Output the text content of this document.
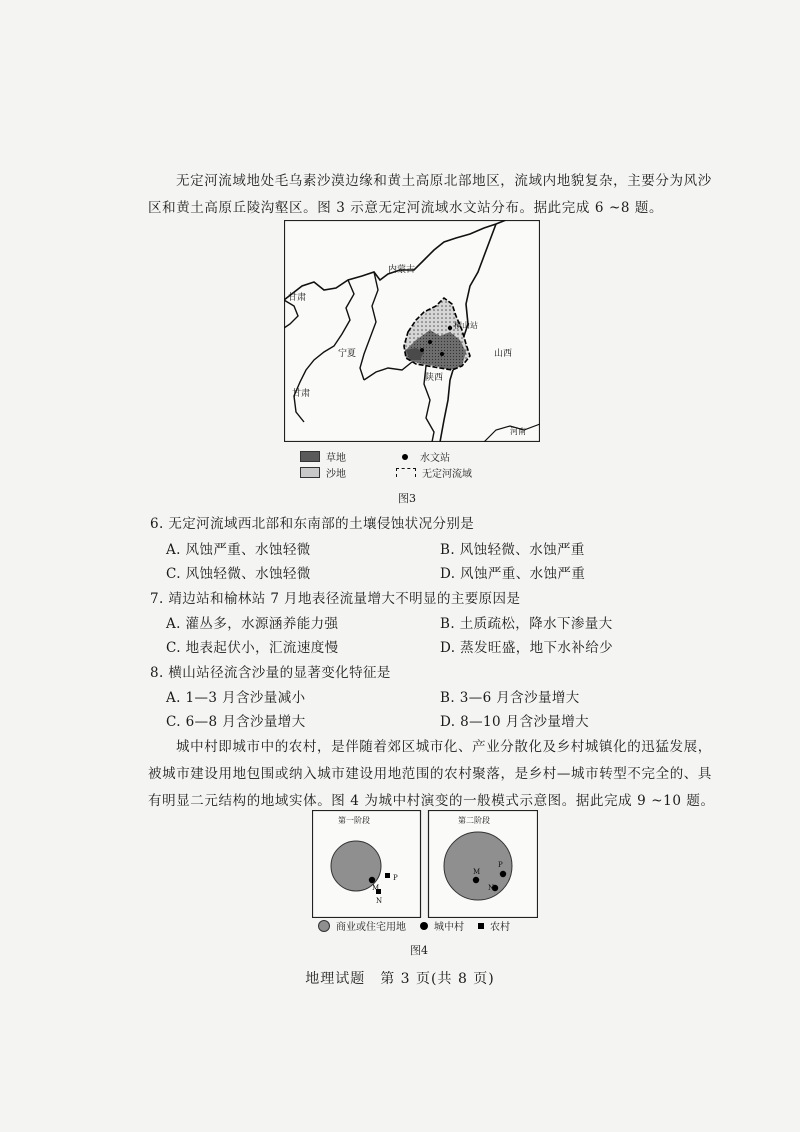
无定河流域地处毛乌素沙漠边缘和黄土高原北部地区，流域内地貌复杂，主要分为风沙区和黄土高原丘陵沟壑区。图 3 示意无定河流域水文站分布。据此完成 6 ~8 题。

内蒙古
甘肃
宁夏
甘肃
陕西
山西
河南
横山站
草地
沙地
水文站
无定河流域
图3
6. 无定河流域西北部和东南部的土壤侵蚀状况分别是
A. 风蚀严重、水蚀轻微	B. 风蚀轻微、水蚀严重
C. 风蚀轻微、水蚀轻微	D. 风蚀严重、水蚀严重
7. 靖边站和榆林站 7 月地表径流量增大不明显的主要原因是
A. 灌丛多，水源涵养能力强	B. 土质疏松，降水下渗量大
C. 地表起伏小，汇流速度慢	D. 蒸发旺盛，地下水补给少
8. 横山站径流含沙量的显著变化特征是
A. 1—3 月含沙量减小	B. 3—6 月含沙量增大
C. 6—8 月含沙量增大	D. 8—10 月含沙量增大

城中村即城市中的农村，是伴随着郊区城市化、产业分散化及乡村城镇化的迅猛发展，被城市建设用地包围或纳入城市建设用地范围的农村聚落，是乡村—城市转型不完全的、具有明显二元结构的地域实体。图 4 为城中村演变的一般模式示意图。据此完成 9 ~10 题。

第一阶段	第二阶段
M
P
N
M
P
N
商业或住宅用地	城中村	农村
图4
地理试题　第 3 页(共 8 页)
